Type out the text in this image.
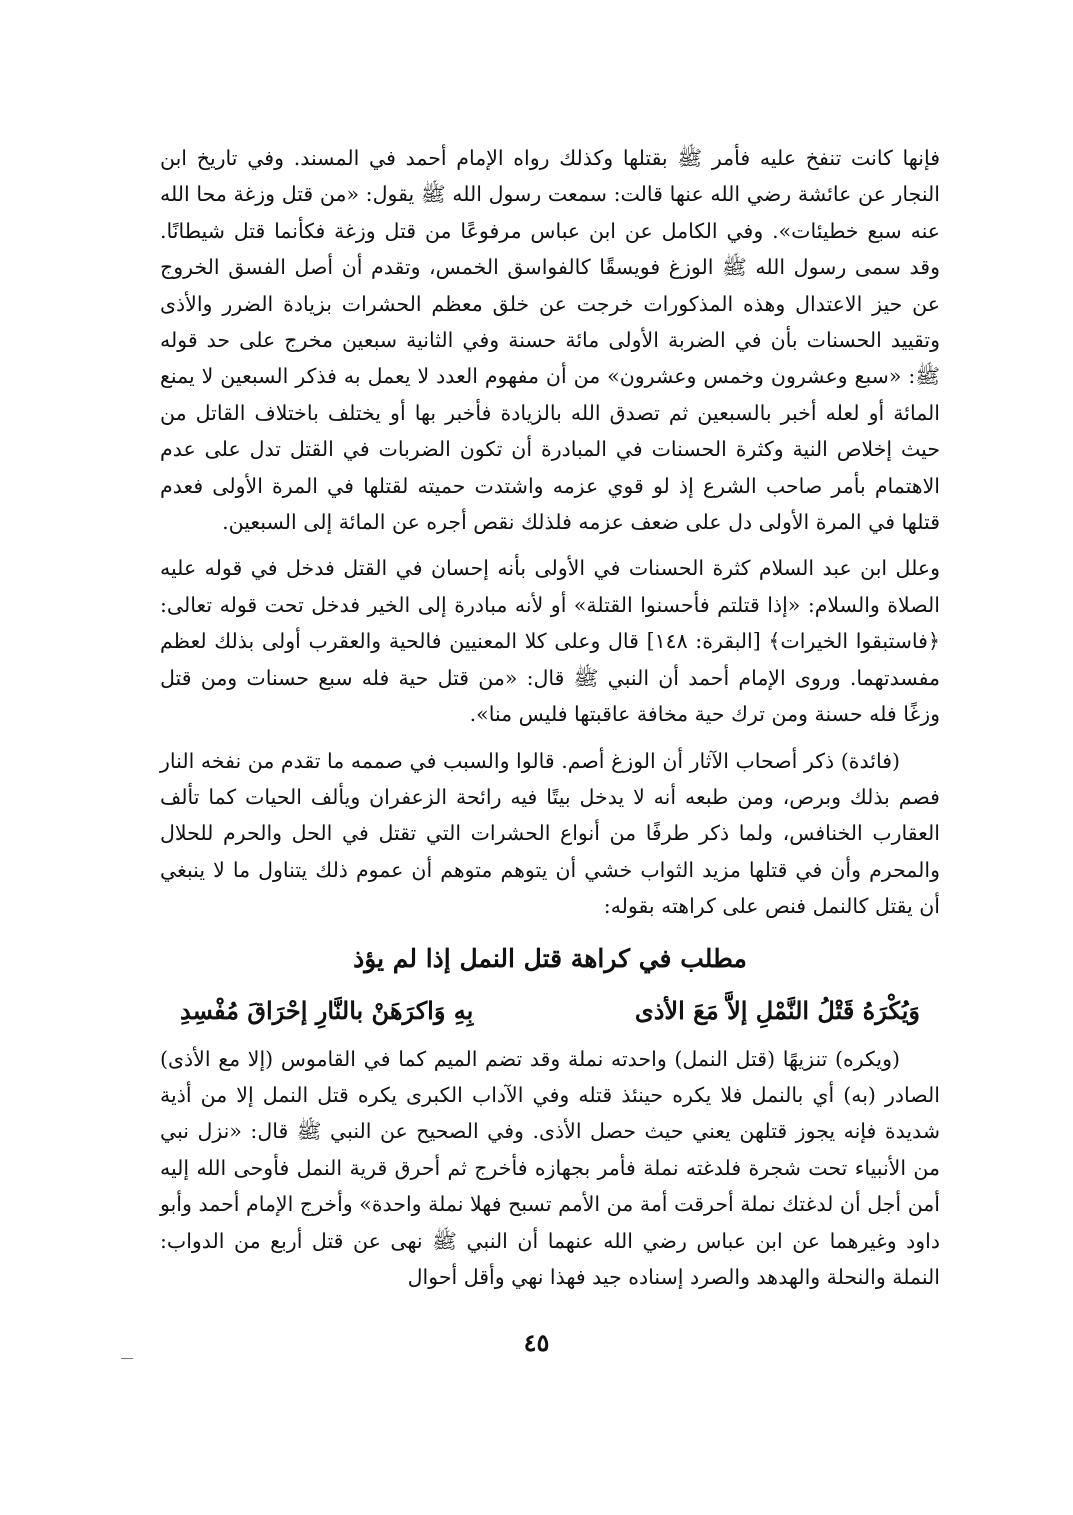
فإنها كانت تنفخ عليه فأمر ﷺ بقتلها وكذلك رواه الإمام أحمد في المسند. وفي تاريخ ابن النجار عن عائشة رضي الله عنها قالت: سمعت رسول الله ﷺ يقول: «من قتل وزغة محا الله عنه سبع خطيئات». وفي الكامل عن ابن عباس مرفوعًا من قتل وزغة فكأنما قتل شيطانًا. وقد سمى رسول الله ﷺ الوزغ فويسقًا كالفواسق الخمس، وتقدم أن أصل الفسق الخروج عن حيز الاعتدال وهذه المذكورات خرجت عن خلق معظم الحشرات بزيادة الضرر والأذى وتقييد الحسنات بأن في الضربة الأولى مائة حسنة وفي الثانية سبعين مخرج على حد قوله ﷺ: «سبع وعشرون وخمس وعشرون» من أن مفهوم العدد لا يعمل به فذكر السبعين لا يمنع المائة أو لعله أخبر بالسبعين ثم تصدق الله بالزيادة فأخبر بها أو يختلف باختلاف القاتل من حيث إخلاص النية وكثرة الحسنات في المبادرة أن تكون الضربات في القتل تدل على عدم الاهتمام بأمر صاحب الشرع إذ لو قوي عزمه واشتدت حميته لقتلها في المرة الأولى فعدم قتلها في المرة الأولى دل على ضعف عزمه فلذلك نقص أجره عن المائة إلى السبعين.

وعلل ابن عبد السلام كثرة الحسنات في الأولى بأنه إحسان في القتل فدخل في قوله عليه الصلاة والسلام: «إذا قتلتم فأحسنوا القتلة» أو لأنه مبادرة إلى الخير فدخل تحت قوله تعالى: ﴿فاستبقوا الخيرات﴾ [البقرة: ١٤٨] قال وعلى كلا المعنيين فالحية والعقرب أولى بذلك لعظم مفسدتهما. وروى الإمام أحمد أن النبي ﷺ قال: «من قتل حية فله سبع حسنات ومن قتل وزغًا فله حسنة ومن ترك حية مخافة عاقبتها فليس منا».

(فائدة) ذكر أصحاب الآثار أن الوزغ أصم. قالوا والسبب في صممه ما تقدم من نفخه النار فصم بذلك وبرص، ومن طبعه أنه لا يدخل بيتًا فيه رائحة الزعفران ويألف الحيات كما تألف العقارب الخنافس، ولما ذكر طرفًا من أنواع الحشرات التي تقتل في الحل والحرم للحلال والمحرم وأن في قتلها مزيد الثواب خشي أن يتوهم متوهم أن عموم ذلك يتناول ما لا ينبغي أن يقتل كالنمل فنص على كراهته بقوله:

مطلب في كراهة قتل النمل إذا لم يؤذ
وَيُكْرَهُ قَتْلُ النَّمْلِ إلاَّ مَعَ الأذى
بِهِ وَاكرَهَنْ بالنَّارِ إحْرَاقَ مُفْسِدِ

(ويكره) تنزيهًا (قتل النمل) واحدته نملة وقد تضم الميم كما في القاموس (إلا مع الأذى) الصادر (به) أي بالنمل فلا يكره حينئذ قتله وفي الآداب الكبرى يكره قتل النمل إلا من أذية شديدة فإنه يجوز قتلهن يعني حيث حصل الأذى. وفي الصحيح عن النبي ﷺ قال: «نزل نبي من الأنبياء تحت شجرة فلدغته نملة فأمر بجهازه فأخرج ثم أحرق قرية النمل فأوحى الله إليه أمن أجل أن لدغتك نملة أحرقت أمة من الأمم تسبح فهلا نملة واحدة» وأخرج الإمام أحمد وأبو داود وغيرهما عن ابن عباس رضي الله عنهما أن النبي ﷺ نهى عن قتل أربع من الدواب: النملة والنحلة والهدهد والصرد إسناده جيد فهذا نهي وأقل أحوال

٤٥
